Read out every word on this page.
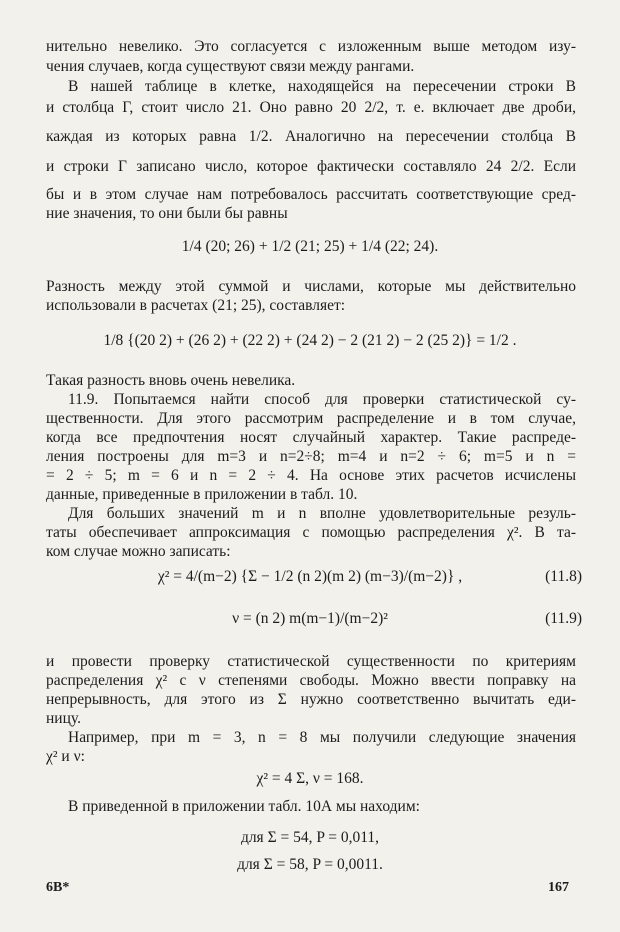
нительно невелико. Это согласуется с изложенным выше методом изу-
чения случаев, когда существуют связи между рангами.
В нашей таблице в клетке, находящейся на пересечении строки В
и столбца Г, стоит число 21. Оно равно 20 2/2, т. е. включает две дроби,
каждая из которых равна 1/2. Аналогично на пересечении столбца В
и строки Г записано число, которое фактически составляло 24 2/2. Если
бы и в этом случае нам потребовалось рассчитать соответствующие сред-
ние значения, то они были бы равны
1/4 (20; 26) + 1/2 (21; 25) + 1/4 (22; 24).
Разность между этой суммой и числами, которые мы действительно
использовали в расчетах (21; 25), составляет:
1/8 {(20 2) + (26 2) + (22 2) + (24 2) − 2 (21 2) − 2 (25 2)} = 1/2 .
Такая разность вновь очень невелика.
11.9. Попытаемся найти способ для проверки статистической су-
щественности. Для этого рассмотрим распределение и в том случае,
когда все предпочтения носят случайный характер. Такие распреде-
ления построены для m=3 и n=2÷8; m=4 и n=2 ÷ 6; m=5 и n =
= 2 ÷ 5; m = 6 и n = 2 ÷ 4. На основе этих расчетов исчислены
данные, приведенные в приложении в табл. 10.
Для больших значений m и n вполне удовлетворительные резуль-
таты обеспечивает аппроксимация с помощью распределения χ². В та-
ком случае можно записать:
χ² = 4/(m−2) {Σ − 1/2 (n 2)(m 2) (m−3)/(m−2)} ,	(11.8)
ν = (n 2) m(m−1)/(m−2)²	(11.9)
и провести проверку статистической существенности по критериям
распределения χ² с ν степенями свободы. Можно ввести поправку на
непрерывность, для этого из Σ нужно соответственно вычитать еди-
ницу.
Например, при m = 3, n = 8 мы получили следующие значения
χ² и ν:
χ² = 4 Σ, ν = 168.
В приведенной в приложении табл. 10А мы находим:
для Σ = 54, P = 0,011,
для Σ = 58, P = 0,0011.
6В*	167
